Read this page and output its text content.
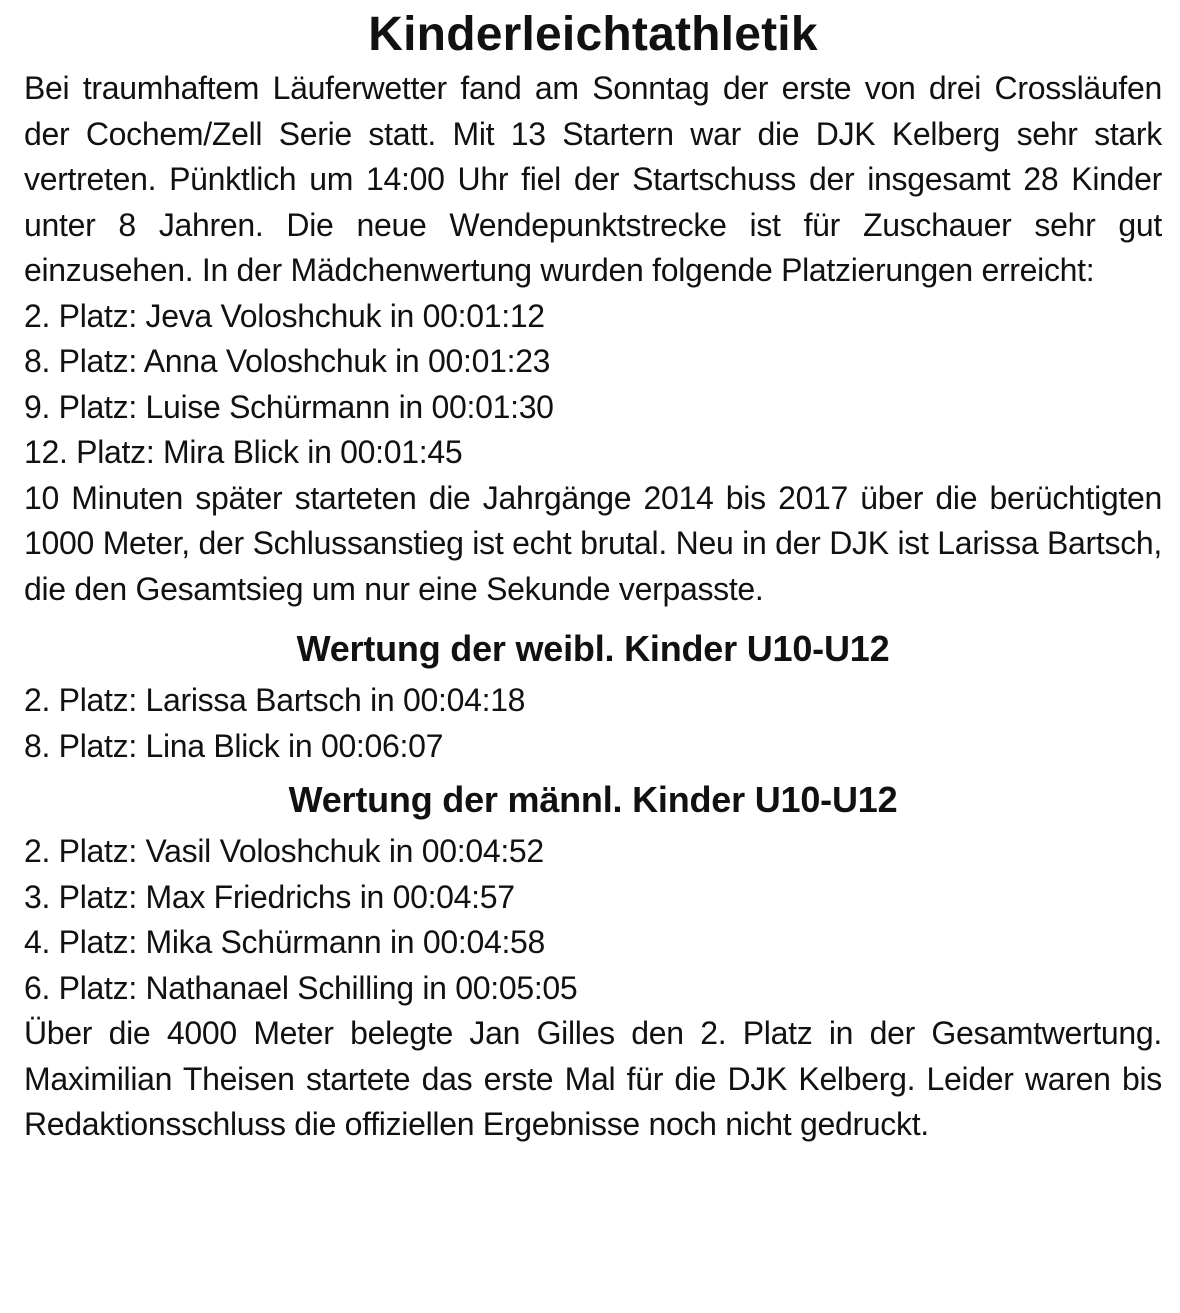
Kinderleichtathletik

Bei traumhaftem Läuferwetter fand am Sonntag der erste von drei Crossläufen der Cochem/Zell Serie statt. Mit 13 Startern war die DJK Kelberg sehr stark vertreten. Pünktlich um 14:00 Uhr fiel der Startschuss der insgesamt 28 Kinder unter 8 Jahren. Die neue Wendepunktstrecke ist für Zuschauer sehr gut einzusehen. In der Mädchenwertung wurden folgende Platzierungen erreicht:

2. Platz: Jeva Voloshchuk in 00:01:12
8. Platz: Anna Voloshchuk in 00:01:23
9. Platz: Luise Schürmann in 00:01:30
12. Platz: Mira Blick in 00:01:45

10 Minuten später starteten die Jahrgänge 2014 bis 2017 über die berüchtigten 1000 Meter, der Schlussanstieg ist echt brutal. Neu in der DJK ist Larissa Bartsch, die den Gesamtsieg um nur eine Sekunde verpasste.

Wertung der weibl. Kinder U10-U12
2. Platz: Larissa Bartsch in 00:04:18
8. Platz: Lina Blick in 00:06:07
Wertung der männl. Kinder U10-U12
2. Platz: Vasil Voloshchuk in 00:04:52
3. Platz: Max Friedrichs in 00:04:57
4. Platz: Mika Schürmann in 00:04:58
6. Platz: Nathanael Schilling in 00:05:05

Über die 4000 Meter belegte Jan Gilles den 2. Platz in der Gesamtwertung. Maximilian Theisen startete das erste Mal für die DJK Kelberg. Leider waren bis Redaktionsschluss die offiziellen Ergebnisse noch nicht gedruckt.
